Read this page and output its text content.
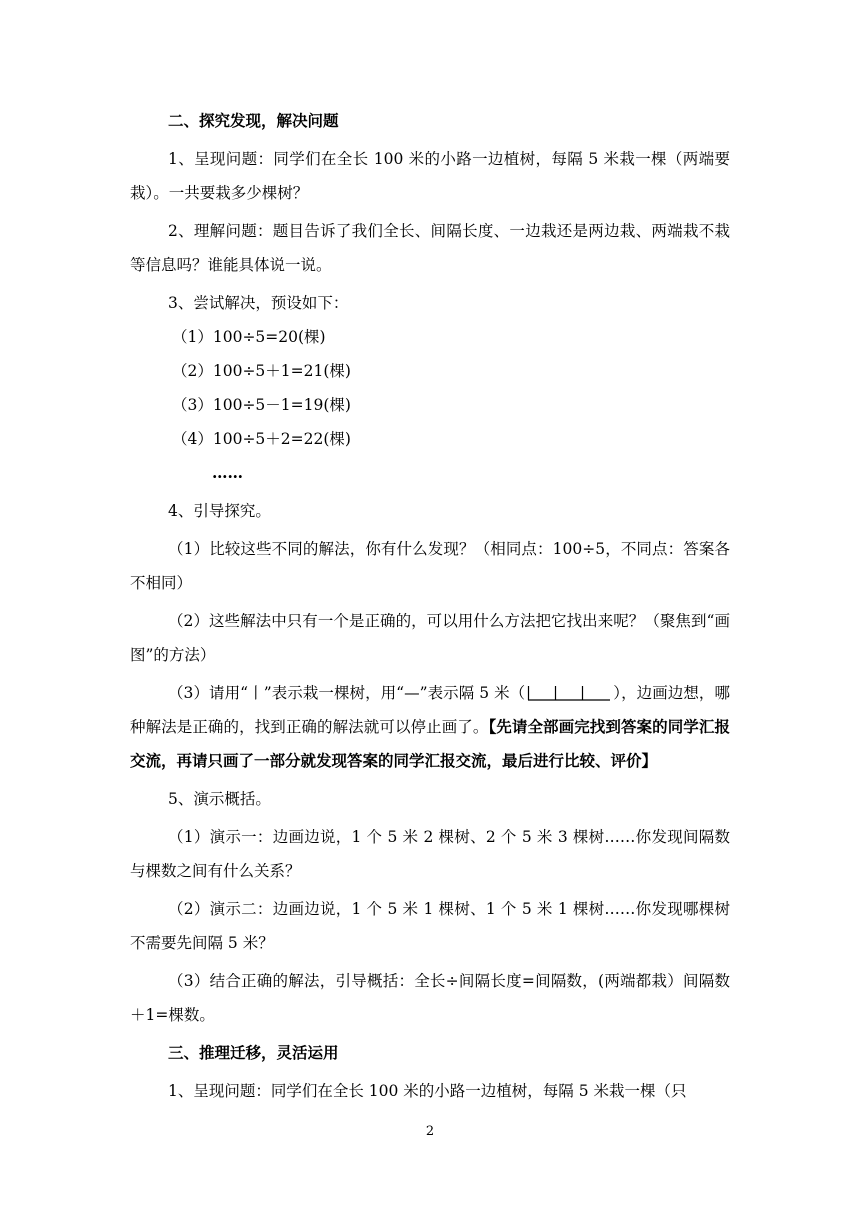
二、探究发现，解决问题

1、呈现问题：同学们在全长 100 米的小路一边植树，每隔 5 米栽一棵（两端要栽）。一共要栽多少棵树？

2、理解问题：题目告诉了我们全长、间隔长度、一边栽还是两边栽、两端栽不栽等信息吗？谁能具体说一说。

3、尝试解决，预设如下：

（1）100÷5=20(棵)

（2）100÷5＋1=21(棵)

（3）100÷5－1=19(棵)

（4）100÷5＋2=22(棵)

……

4、引导探究。

（1）比较这些不同的解法，你有什么发现？（相同点：100÷5，不同点：答案各不相同）

（2）这些解法中只有一个是正确的，可以用什么方法把它找出来呢？（聚焦到“画图”的方法）

（3）请用“丨”表示栽一棵树，用“—”表示隔 5 米（	），边画边想，哪种解法是正确的，找到正确的解法就可以停止画了。【先请全部画完找到答案的同学汇报交流，再请只画了一部分就发现答案的同学汇报交流，最后进行比较、评价】

5、演示概括。

（1）演示一：边画边说，1 个 5 米 2 棵树、2 个 5 米 3 棵树……你发现间隔数与棵数之间有什么关系？

（2）演示二：边画边说，1 个 5 米 1 棵树、1 个 5 米 1 棵树……你发现哪棵树不需要先间隔 5 米？

（3）结合正确的解法，引导概括：全长÷间隔长度=间隔数，(两端都栽）间隔数＋1=棵数。

三、推理迁移，灵活运用

1、呈现问题：同学们在全长 100 米的小路一边植树，每隔 5 米栽一棵（只

2
